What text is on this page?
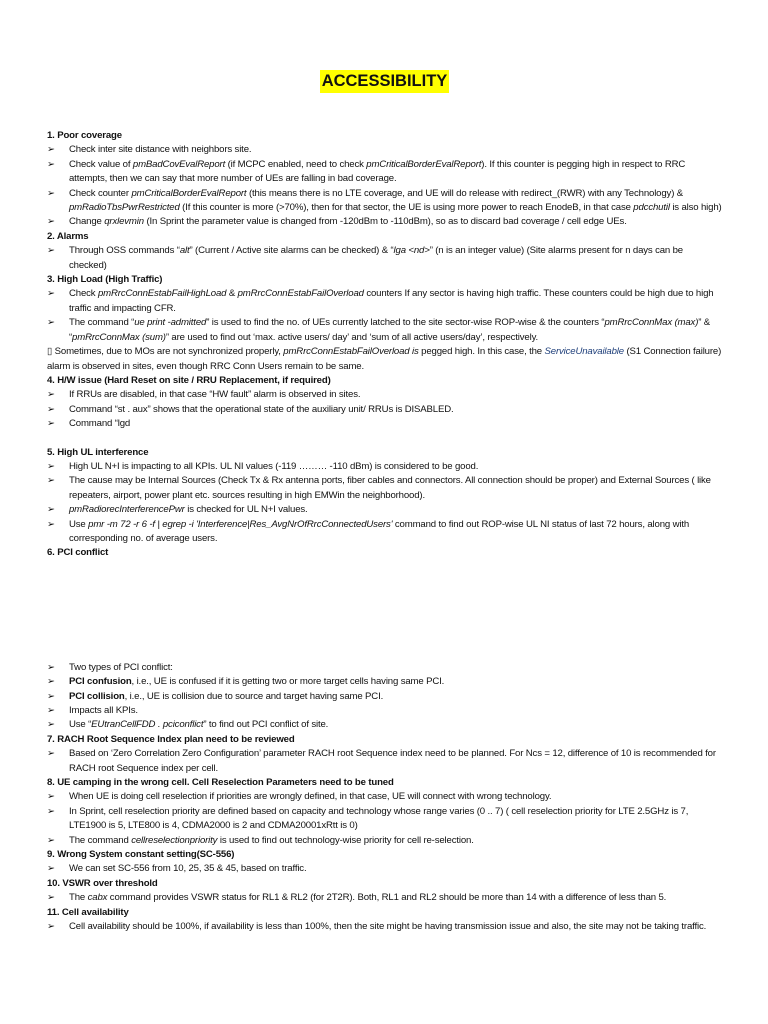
ACCESSIBILITY
1. Poor coverage
➢ Check inter site distance with neighbors site.
➢ Check value of pmBadCovEvalReport (if MCPC enabled, need to check pmCriticalBorderEvalReport). If this counter is pegging high in respect to RRC attempts, then we can say that more number of UEs are falling in bad coverage.
➢ Check counter pmCriticalBorderEvalReport (this means there is no LTE coverage, and UE will do release with redirect_(RWR) with any Technology) & pmRadioTbsPwrRestricted (If this counter is more (>70%), then for that sector, the UE is using more power to reach EnodeB, in that case pdcchutil is also high)
➢ Change qrxlevmin (In Sprint the parameter value is changed from -120dBm to -110dBm), so as to discard bad coverage / cell edge UEs.
2. Alarms
➢ Through OSS commands “alt” (Current / Active site alarms can be checked) & “lga <nd>” (n is an integer value) (Site alarms present for n days can be checked)
3. High Load (High Traffic)
➢ Check pmRrcConnEstabFailHighLoad & pmRrcConnEstabFailOverload counters If any sector is having high traffic. These counters could be high due to high traffic and impacting CFR.
➢ The command “ue print -admitted” is used to find the no. of UEs currently latched to the site sector-wise ROP-wise & the counters “pmRrcConnMax (max)” & “pmRrcConnMax (sum)” are used to find out ‘max. active users/ day’ and ‘sum of all active users/day’, respectively.
▯ Sometimes, due to MOs are not synchronized properly, pmRrcConnEstabFailOverload is pegged high. In this case, the ServiceUnavailable (S1 Connection failure) alarm is observed in sites, even though RRC Conn Users remain to be same.
4. H/W issue (Hard Reset on site / RRU Replacement, if required)
➢ If RRUs are disabled, in that case “HW fault” alarm is observed in sites.
➢ Command “st . aux” shows that the operational state of the auxiliary unit/ RRUs is DISABLED.
➢ Command “lgd
5. High UL interference
➢ High UL N+I is impacting to all KPIs. UL NI values (-119 ……… -110 dBm) is considered to be good.
➢ The cause may be Internal Sources (Check Tx & Rx antenna ports, fiber cables and connectors. All connection should be proper) and External Sources ( like repeaters, airport, power plant etc. sources resulting in high EMWin the neighborhood).
➢ pmRadiorecInterferencePwr is checked for UL N+I values.
➢ Use pmr -m 72 -r 6 -f | egrep -i 'Interference|Res_AvgNrOfRrcConnectedUsers' command to find out ROP-wise UL NI status of last 72 hours, along with corresponding no. of average users.
6. PCI conflict
➢ Two types of PCI conflict:
➢ PCI confusion, i.e., UE is confused if it is getting two or more target cells having same PCI.
➢ PCI collision, i.e., UE is collision due to source and target having same PCI.
➢ Impacts all KPIs.
➢ Use “EUtranCellFDD . pciconflict” to find out PCI conflict of site.
7. RACH Root Sequence Index plan need to be reviewed
➢ Based on ‘Zero Correlation Zero Configuration’ parameter RACH root Sequence index need to be planned. For Ncs = 12, difference of 10 is recommended for RACH root Sequence index per cell.
8. UE camping in the wrong cell. Cell Reselection Parameters need to be tuned
➢ When UE is doing cell reselection if priorities are wrongly defined, in that case, UE will connect with wrong technology.
➢ In Sprint, cell reselection priority are defined based on capacity and technology whose range varies (0 .. 7) ( cell reselection priority for LTE 2.5GHz is 7, LTE1900 is 5, LTE800 is 4, CDMA2000 is 2 and CDMA20001xRtt is 0)
➢ The command cellreselectionpriority is used to find out technology-wise priority for cell re-selection.
9. Wrong System constant setting(SC-556)
➢ We can set SC-556 from 10, 25, 35 & 45, based on traffic.
10. VSWR over threshold
➢ The cabx command provides VSWR status for RL1 & RL2 (for 2T2R). Both, RL1 and RL2 should be more than 14 with a difference of less than 5.
11. Cell availability
➢ Cell availability should be 100%, if availability is less than 100%, then the site might be having transmission issue and also, the site may not be taking traffic.
